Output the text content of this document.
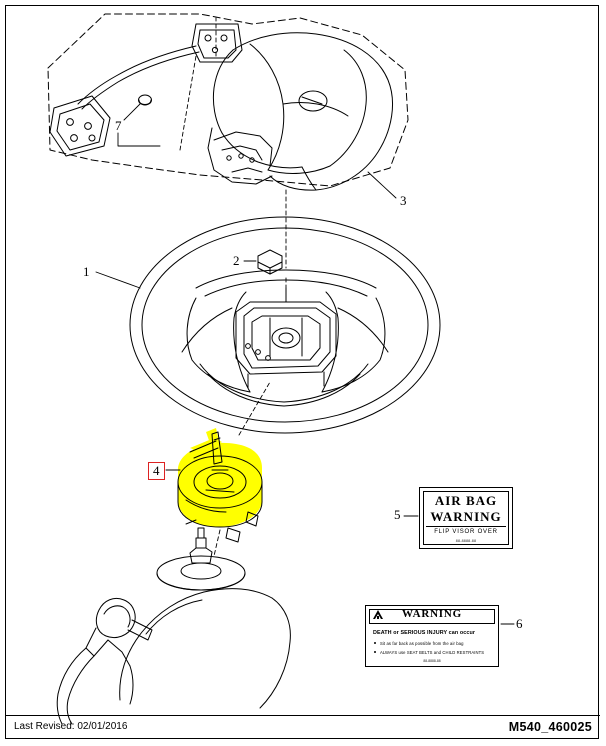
1
2
3
4
5
6
7
AIR BAG
WARNING
FLIP VISOR OVER
88-8888-88
WARNING
DEATH or SERIOUS INJURY can occur
Sit as far back as possible from the air bag
ALWAYS use SEAT BELTS and CHILD RESTRAINTS
88-8888-88
Last Revised: 02/01/2016	M540_460025
